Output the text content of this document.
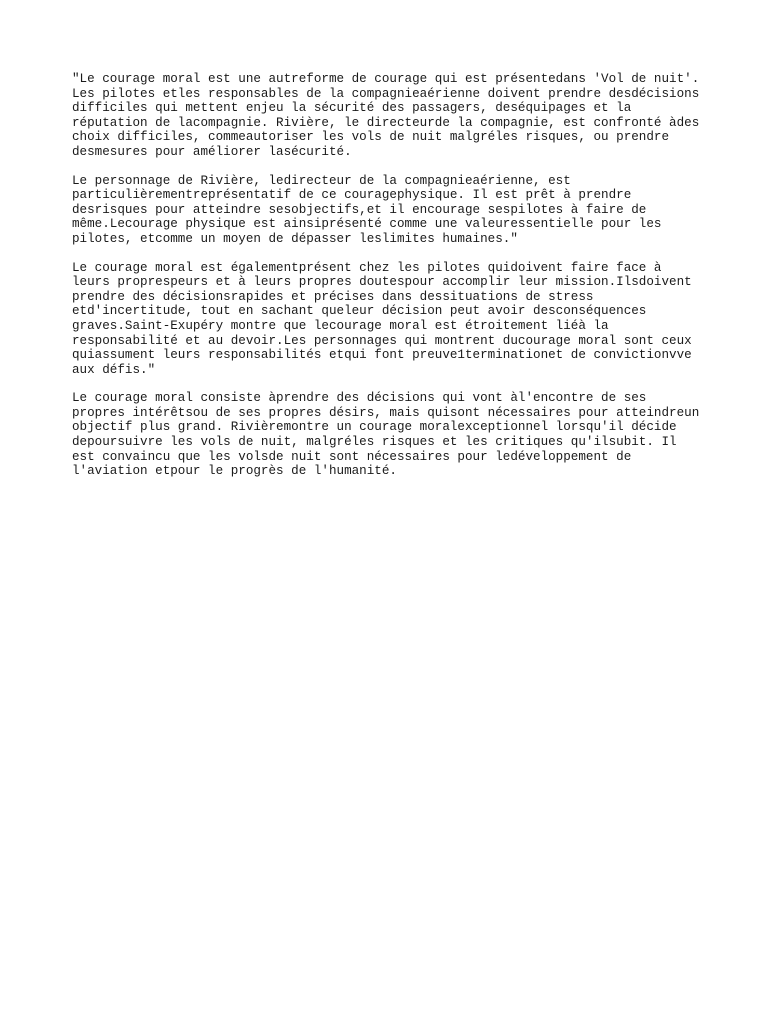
"Le courage moral est une autreforme de courage qui est présentedans 'Vol de nuit'.
Les pilotes etles responsables de la compagnieaérienne doivent prendre desdécisions
difficiles qui mettent enjeu la sécurité des passagers, deséquipages et la
réputation de lacompagnie. Rivière, le directeurde la compagnie, est confronté àdes
choix difficiles, commeautoriser les vols de nuit malgréles risques, ou prendre
desmesures pour améliorer lasécurité.

Le personnage de Rivière, ledirecteur de la compagnieaérienne, est
particulièrementreprésentatif de ce couragephysique. Il est prêt à prendre
desrisques pour atteindre sesobjectifs,et il encourage sespilotes à faire de
même.Lecourage physique est ainsiprésenté comme une valeuressentielle pour les
pilotes, etcomme un moyen de dépasser leslimites humaines."

Le courage moral est égalementprésent chez les pilotes quidoivent faire face à
leurs proprespeurs et à leurs propres doutespour accomplir leur mission.Ilsdoivent
prendre des décisionsrapides et précises dans dessituations de stress
etd'incertitude, tout en sachant queleur décision peut avoir desconséquences
graves.Saint-Exupéry montre que lecourage moral est étroitement liéà la
responsabilité et au devoir.Les personnages qui montrent ducourage moral sont ceux
quiassument leurs responsabilités etqui font preuve1terminationet de convictionvve
aux défis."

Le courage moral consiste àprendre des décisions qui vont àl'encontre de ses
propres intérêtsou de ses propres désirs, mais quisont nécessaires pour atteindreun
objectif plus grand. Rivièremontre un courage moralexceptionnel lorsqu'il décide
depoursuivre les vols de nuit, malgréles risques et les critiques qu'ilsubit. Il
est convaincu que les volsde nuit sont nécessaires pour ledéveloppement de
l'aviation etpour le progrès de l'humanité.
